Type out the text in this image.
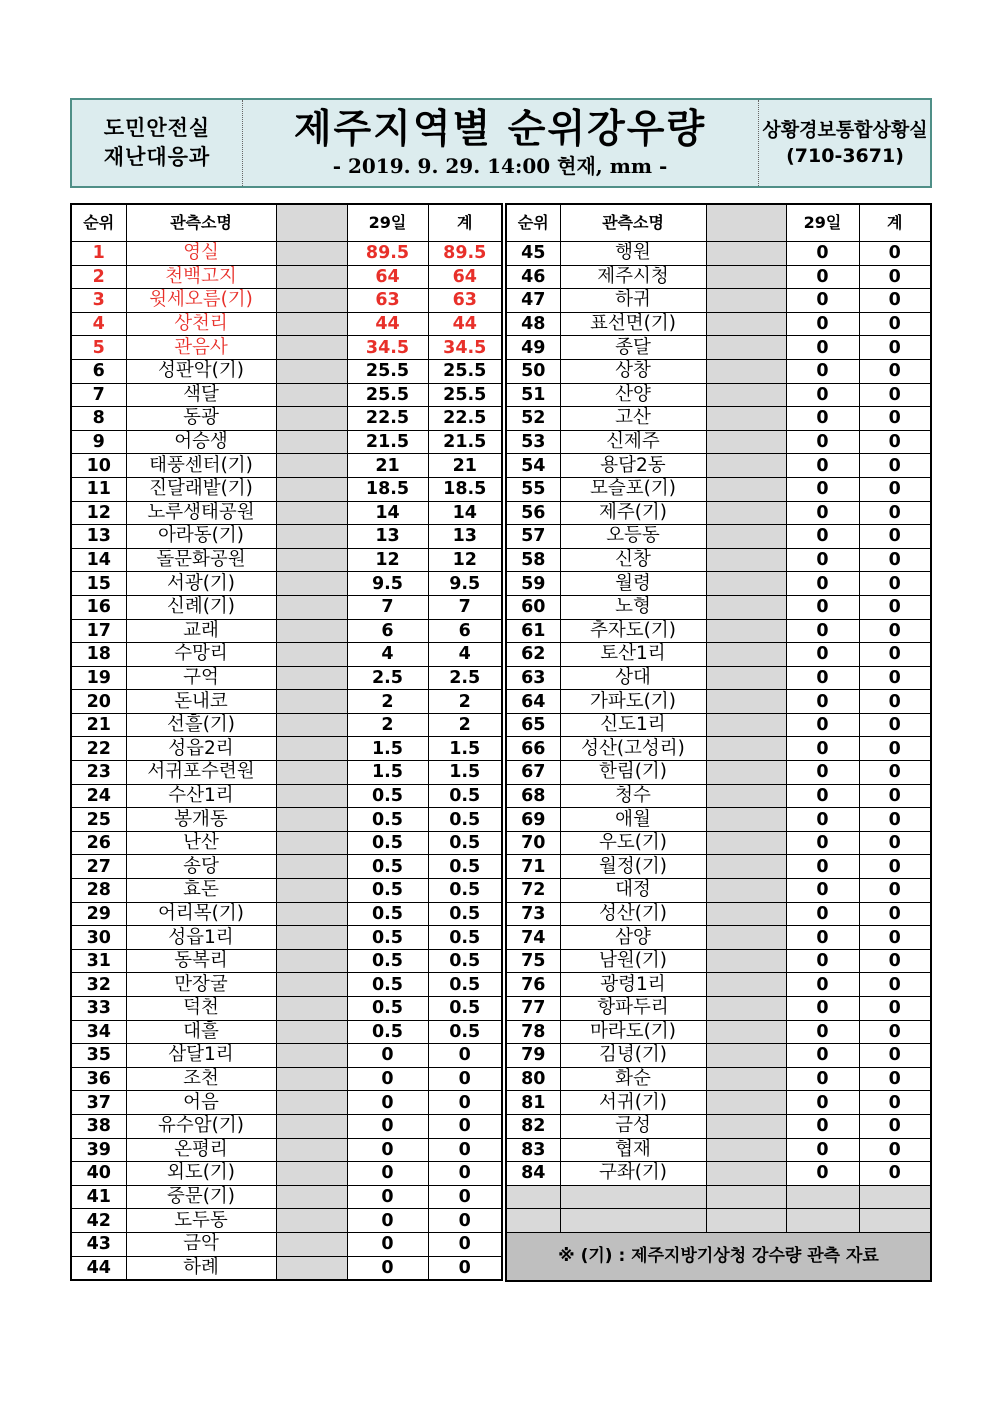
도민안전실
재난대응과
제주지역별 순위강우량
- 2019. 9. 29. 14:00 현재, mm -
상황경보통합상황실
(710-3671)
순위	관측소명		29일	계
1	영실		89.5	89.5
2	천백고지		64	64
3	윗세오름(기)		63	63
4	상천리		44	44
5	관음사		34.5	34.5
6	성판악(기)		25.5	25.5
7	색달		25.5	25.5
8	동광		22.5	22.5
9	어승생		21.5	21.5
10	태풍센터(기)		21	21
11	진달래밭(기)		18.5	18.5
12	노루생태공원		14	14
13	아라동(기)		13	13
14	돌문화공원		12	12
15	서광(기)		9.5	9.5
16	신례(기)		7	7
17	교래		6	6
18	수망리		4	4
19	구억		2.5	2.5
20	돈내코		2	2
21	선흘(기)		2	2
22	성읍2리		1.5	1.5
23	서귀포수련원		1.5	1.5
24	수산1리		0.5	0.5
25	봉개동		0.5	0.5
26	난산		0.5	0.5
27	송당		0.5	0.5
28	효돈		0.5	0.5
29	어리목(기)		0.5	0.5
30	성읍1리		0.5	0.5
31	동복리		0.5	0.5
32	만장굴		0.5	0.5
33	덕천		0.5	0.5
34	대흘		0.5	0.5
35	삼달1리		0	0
36	조천		0	0
37	어음		0	0
38	유수암(기)		0	0
39	온평리		0	0
40	외도(기)		0	0
41	중문(기)		0	0
42	도두동		0	0
43	금악		0	0
44	하례		0	0
순위	관측소명		29일	계
45	행원		0	0
46	제주시청		0	0
47	하귀		0	0
48	표선면(기)		0	0
49	종달		0	0
50	상창		0	0
51	산양		0	0
52	고산		0	0
53	신제주		0	0
54	용담2동		0	0
55	모슬포(기)		0	0
56	제주(기)		0	0
57	오등동		0	0
58	신창		0	0
59	월령		0	0
60	노형		0	0
61	추자도(기)		0	0
62	토산1리		0	0
63	상대		0	0
64	가파도(기)		0	0
65	신도1리		0	0
66	성산(고성리)		0	0
67	한림(기)		0	0
68	청수		0	0
69	애월		0	0
70	우도(기)		0	0
71	월정(기)		0	0
72	대정		0	0
73	성산(기)		0	0
74	삼양		0	0
75	남원(기)		0	0
76	광령1리		0	0
77	항파두리		0	0
78	마라도(기)		0	0
79	김녕(기)		0	0
80	화순		0	0
81	서귀(기)		0	0
82	금성		0	0
83	협재		0	0
84	구좌(기)		0	0

※ (기) : 제주지방기상청 강수량 관측 자료				
